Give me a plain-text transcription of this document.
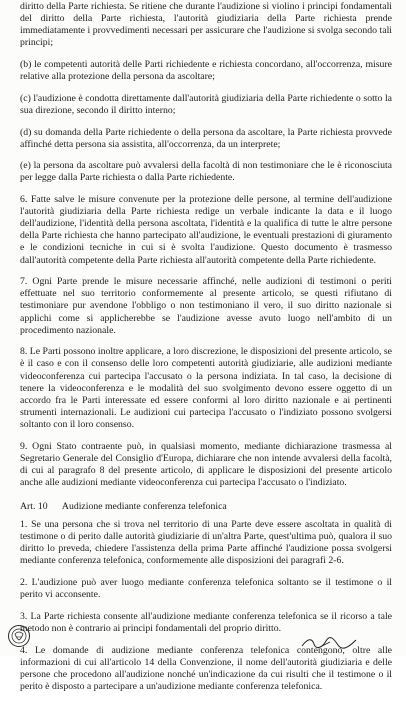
diritto della Parte richiesta. Se ritiene che durante l'audizione si violino i principi fondamentali del diritto della Parte richiesta, l'autorità giudiziaria della Parte richiesta prende immediatamente i provvedimenti necessari per assicurare che l'audizione si svolga secondo tali principi;

(b) le competenti autorità delle Parti richiedente e richiesta concordano, all'occorrenza, misure relative alla protezione della persona da ascoltare;

(c) l'audizione è condotta direttamente dall'autorità giudiziaria della Parte richiedente o sotto la sua direzione, secondo il diritto interno;

(d) su domanda della Parte richiedente o della persona da ascoltare, la Parte richiesta provvede affinché detta persona sia assistita, all'occorrenza, da un interprete;

(e) la persona da ascoltare può avvalersi della facoltà di non testimoniare che le è riconosciuta per legge dalla Parte richiesta o dalla Parte richiedente.

6. Fatte salve le misure convenute per la protezione delle persone, al termine dell'audizione l'autorità giudiziaria della Parte richiesta redige un verbale indicante la data e il luogo dell'audizione, l'identità della persona ascoltata, l'identità e la qualifica di tutte le altre persone della Parte richiesta che hanno partecipato all'audizione, le eventuali prestazioni di giuramento e le condizioni tecniche in cui si è svolta l'audizione. Questo documento è trasmesso dall'autorità competente della Parte richiesta all'autorità competente della Parte richiedente.

7. Ogni Parte prende le misure necessarie affinché, nelle audizioni di testimoni o periti effettuate nel suo territorio conformemente al presente articolo, se questi rifiutano di testimoniare pur avendone l'obbligo o non testimoniano il vero, il suo diritto nazionale si applichi come si applicherebbe se l'audizione avesse avuto luogo nell'ambito di un procedimento nazionale.

8. Le Parti possono inoltre applicare, a loro discrezione, le disposizioni del presente articolo, se è il caso e con il consenso delle loro competenti autorità giudiziarie, alle audizioni mediante videoconferenza cui partecipa l'accusato o la persona indiziata. In tal caso, la decisione di tenere la videoconferenza e le modalità del suo svolgimento devono essere oggetto di un accordo fra le Parti interessate ed essere conformi al loro diritto nazionale e ai pertinenti strumenti internazionali. Le audizioni cui partecipa l'accusato o l'indiziato possono svolgersi soltanto con il loro consenso.

9. Ogni Stato contraente può, in qualsiasi momento, mediante dichiarazione trasmessa al Segretario Generale del Consiglio d'Europa, dichiarare che non intende avvalersi della facoltà, di cui al paragrafo 8 del presente articolo, di applicare le disposizioni del presente articolo anche alle audizioni mediante videoconferenza cui partecipa l'accusato o l'indiziato.

Art. 10 Audizione mediante conferenza telefonica

1. Se una persona che si trova nel territorio di una Parte deve essere ascoltata in qualità di testimone o di perito dalle autorità giudiziarie di un'altra Parte, quest'ultima può, qualora il suo diritto lo preveda, chiedere l'assistenza della prima Parte affinché l'audizione possa svolgersi mediante conferenza telefonica, conformemente alle disposizioni dei paragrafi 2-6.

2. L'audizione può aver luogo mediante conferenza telefonica soltanto se il testimone o il perito vi acconsente.

3. La Parte richiesta consente all'audizione mediante conferenza telefonica se il ricorso a tale metodo non è contrario ai principi fondamentali del proprio diritto.

4. Le domande di audizione mediante conferenza telefonica contengono, oltre alle informazioni di cui all'articolo 14 della Convenzione, il nome dell'autorità giudiziaria e delle persone che procedono all'audizione nonché un'indicazione da cui risulti che il testimone o il perito è disposto a partecipare a un'audizione mediante conferenza telefonica.
